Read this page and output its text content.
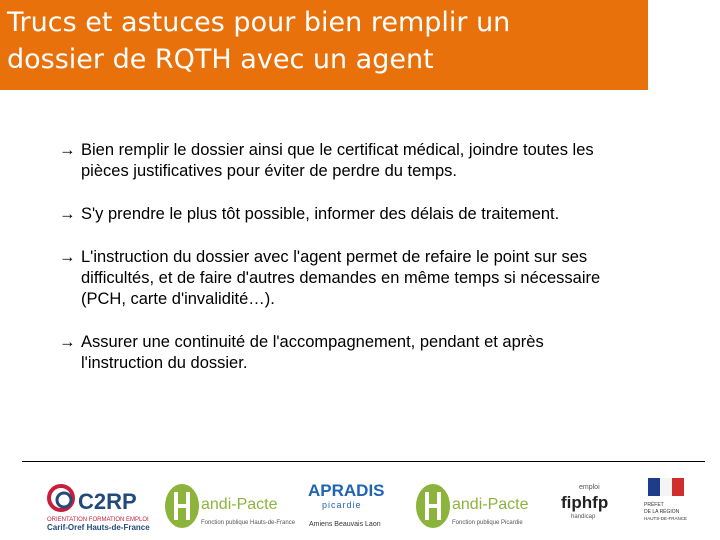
Trucs et astuces pour bien remplir un
dossier de RQTH avec un agent
→ Bien remplir le dossier ainsi que le certificat médical, joindre toutes les
pièces justificatives pour éviter de perdre du temps.
→ S'y prendre le plus tôt possible, informer des délais de traitement.
→ L'instruction du dossier avec l'agent permet de refaire le point sur ses
difficultés, et de faire d'autres demandes en même temps si nécessaire
(PCH, carte d'invalidité…).
→ Assurer une continuité de l'accompagnement, pendant et après
l'instruction du dossier.
C2RP
ORIENTATION FORMATION EMPLOI
Carif-Oref Hauts-de-France
andi-Pacte
Fonction publique Hauts-de-France
APRADIS
picardie
Amiens Beauvais Laon
andi-Pacte
Fonction publique Picardie
emploi
fiphfp
handicap
PRÉFET
DE LA RÉGION
HAUTS-DE-FRANCE
